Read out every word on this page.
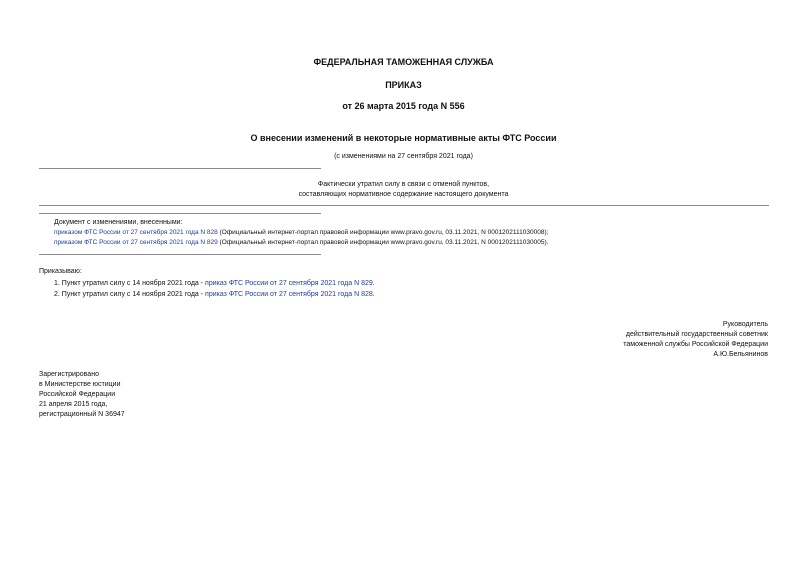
ФЕДЕРАЛЬНАЯ ТАМОЖЕННАЯ СЛУЖБА
ПРИКАЗ
от 26 марта 2015 года N 556
О внесении изменений в некоторые нормативные акты ФТС России
(с изменениями на 27 сентября 2021 года)
Фактически утратил силу в связи с отменой пунктов,
составляющих нормативное содержание настоящего документа
Документ с изменениями, внесенными:
приказом ФТС России от 27 сентября 2021 года N 828 (Официальный интернет-портал правовой информации www.pravo.gov.ru, 03.11.2021, N 0001202111030008);
приказом ФТС России от 27 сентября 2021 года N 829 (Официальный интернет-портал правовой информации www.pravo.gov.ru, 03.11.2021, N 0001202111030005).
Приказываю:
1. Пункт утратил силу с 14 ноября 2021 года - приказ ФТС России от 27 сентября 2021 года N 829.
2. Пункт утратил силу с 14 ноября 2021 года - приказ ФТС России от 27 сентября 2021 года N 828.
Руководитель
действительный государственный советник
таможенной службы Российской Федерации
А.Ю.Бельянинов
Зарегистрировано
в Министерстве юстиции
Российской Федерации
21 апреля 2015 года,
регистрационный N 36947
